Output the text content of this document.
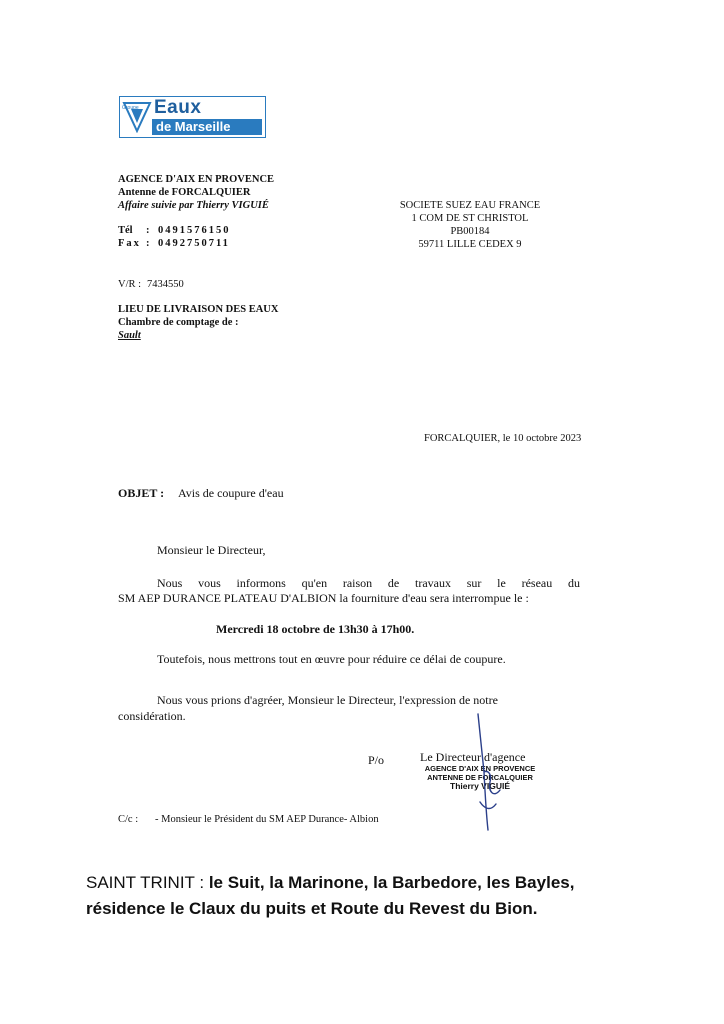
Groupe Eaux
de Marseille
AGENCE D'AIX EN PROVENCE
Antenne de FORCALQUIER
Affaire suivie par Thierry VIGUIÉ
Tél : 0491576150
Fax : 0492750711
SOCIETE SUEZ EAU FRANCE
1 COM DE ST CHRISTOL
PB00184
59711 LILLE CEDEX 9
V/R : 7434550
LIEU DE LIVRAISON DES EAUX
Chambre de comptage de :
Sault
FORCALQUIER, le 10 octobre 2023
OBJET : Avis de coupure d'eau
Monsieur le Directeur,
Nous vous informons qu'en raison de travaux sur le réseau du
SM AEP DURANCE PLATEAU D'ALBION la fourniture d'eau sera interrompue le :
Mercredi 18 octobre de 13h30 à 17h00.
Toutefois, nous mettrons tout en œuvre pour réduire ce délai de coupure.
Nous vous prions d'agréer, Monsieur le Directeur, l'expression de notre
considération.
P/o	Le Directeur d'agence
AGENCE D'AIX EN PROVENCE
ANTENNE DE FORCALQUIER
Thierry VIGUIÉ
C/c : - Monsieur le Président du SM AEP Durance- Albion
SAINT TRINIT : le Suit, la Marinone, la Barbedore, les Bayles,
résidence le Claux du puits et Route du Revest du Bion.
